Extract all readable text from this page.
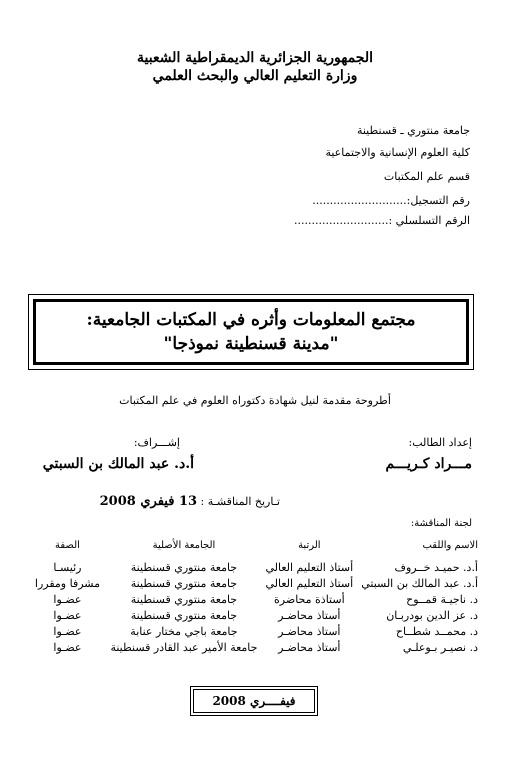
الجمهورية الجزائرية الديمقراطية الشعبية
وزارة التعليم العالي والبحث العلمي
جامعة منتوري ـ قسنطينة
كلية العلوم الإنسانية والاجتماعية
قسم علم المكتبات
رقم التسجيل:...........................
الرقم التسلسلي :...........................
مجتمع المعلومات وأثره في المكتبات الجامعية:
"مدينة قسنطينة نموذجا"
أطروحة مقدمة لنيل شهادة دكتوراه العلوم في علم المكتبات
إعداد الطالب:
مـــراد كـريـــم
إشـــراف:
أ.د. عبد المالك بن السبتي
تـاريخ المناقشـة : 13 فيفري 2008
لجنة المناقشة:
الاسم واللقب	الرتبة	الجامعة الأصلية	الصفة
أ.د. حميـد خــروف	أستاذ التعليم العالي	جامعة منتوري قسنطينة	رئيسـا
أ.د. عبد المالك بن السبتي	أستاذ التعليم العالي	جامعة منتوري قسنطينة	مشرفا ومقررا
د. ناجيـة قمــوح	أستاذة محاضرة	جامعة منتوري قسنطينة	عضـوا
د. عز الدين بودربـان	أستاذ محاضـر	جامعة منتوري قسنطينة	عضـوا
د. محمــد شطــاح	أستاذ محاضـر	جامعة باجي مختار عنابة	عضـوا
د. نصيـر بـوعلـي	أستاذ محاضـر	جامعة الأمير عبد القادر قسنطينة	عضـوا
فيفــــري 2008
